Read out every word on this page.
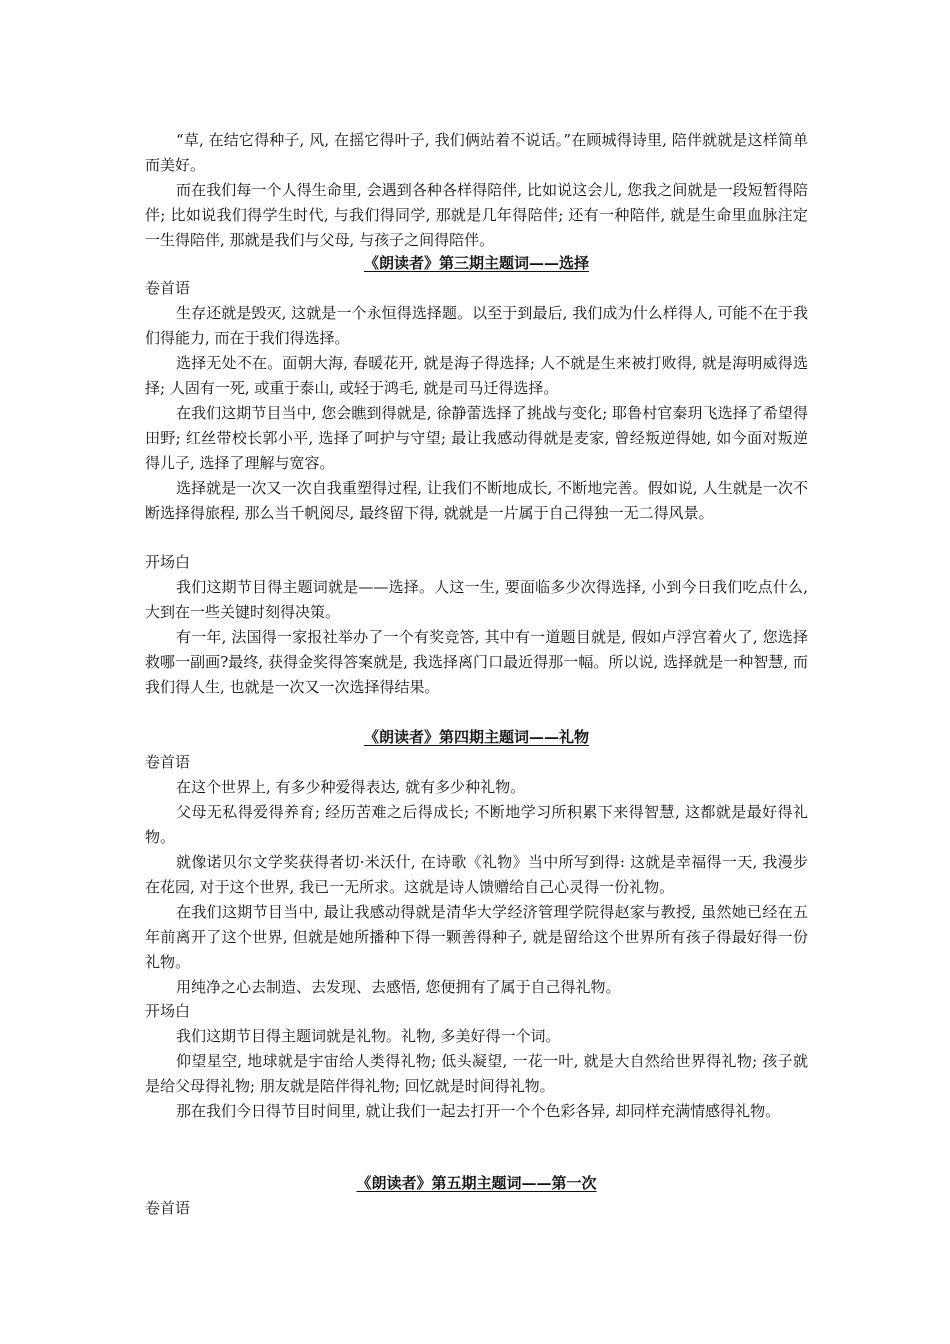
“草, 在结它得种子, 风, 在摇它得叶子, 我们俩站着不说话。”在顾城得诗里, 陪伴就就是这样简单而美好。

而在我们每一个人得生命里, 会遇到各种各样得陪伴, 比如说这会儿, 您我之间就是一段短暂得陪伴; 比如说我们得学生时代, 与我们得同学, 那就是几年得陪伴; 还有一种陪伴, 就是生命里血脉注定一生得陪伴, 那就是我们与父母, 与孩子之间得陪伴。

《朗读者》第三期主题词——选择
卷首语

生存还就是毁灭, 这就是一个永恒得选择题。以至于到最后, 我们成为什么样得人, 可能不在于我们得能力, 而在于我们得选择。

选择无处不在。面朝大海, 春暖花开, 就是海子得选择; 人不就是生来被打败得, 就是海明威得选择; 人固有一死, 或重于泰山, 或轻于鸿毛, 就是司马迁得选择。

在我们这期节目当中, 您会瞧到得就是, 徐静蕾选择了挑战与变化; 耶鲁村官秦玥飞选择了希望得田野; 红丝带校长郭小平, 选择了呵护与守望; 最让我感动得就是麦家, 曾经叛逆得她, 如今面对叛逆得儿子, 选择了理解与宽容。

选择就是一次又一次自我重塑得过程, 让我们不断地成长, 不断地完善。假如说, 人生就是一次不断选择得旅程, 那么当千帆阅尽, 最终留下得, 就就是一片属于自己得独一无二得风景。

开场白

我们这期节目得主题词就是——选择。人这一生, 要面临多少次得选择, 小到今日我们吃点什么, 大到在一些关键时刻得决策。

有一年, 法国得一家报社举办了一个有奖竞答, 其中有一道题目就是, 假如卢浮宫着火了, 您选择救哪一副画?最终, 获得金奖得答案就是, 我选择离门口最近得那一幅。所以说, 选择就是一种智慧, 而我们得人生, 也就是一次又一次选择得结果。

《朗读者》第四期主题词——礼物
卷首语

在这个世界上, 有多少种爱得表达, 就有多少种礼物。

父母无私得爱得养育; 经历苦难之后得成长; 不断地学习所积累下来得智慧, 这都就是最好得礼物。

就像诺贝尔文学奖获得者切·米沃什, 在诗歌《礼物》当中所写到得: 这就是幸福得一天, 我漫步在花园, 对于这个世界, 我已一无所求。这就是诗人馈赠给自己心灵得一份礼物。

在我们这期节目当中, 最让我感动得就是清华大学经济管理学院得赵家与教授, 虽然她已经在五年前离开了这个世界, 但就是她所播种下得一颗善得种子, 就是留给这个世界所有孩子得最好得一份礼物。

用纯净之心去制造、去发现、去感悟, 您便拥有了属于自己得礼物。

开场白

我们这期节目得主题词就是礼物。礼物, 多美好得一个词。

仰望星空, 地球就是宇宙给人类得礼物; 低头凝望, 一花一叶, 就是大自然给世界得礼物; 孩子就是给父母得礼物; 朋友就是陪伴得礼物; 回忆就是时间得礼物。

那在我们今日得节目时间里, 就让我们一起去打开一个个色彩各异, 却同样充满情感得礼物。

《朗读者》第五期主题词——第一次
卷首语
